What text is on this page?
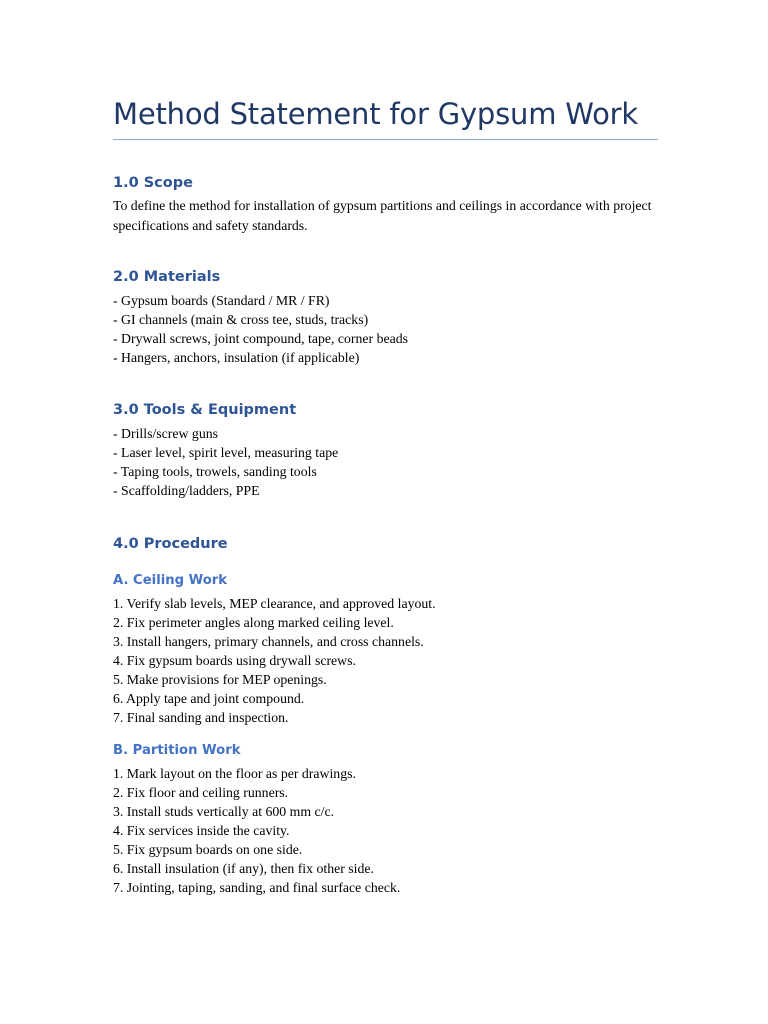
Method Statement for Gypsum Work
1.0 Scope
To define the method for installation of gypsum partitions and ceilings in accordance with project specifications and safety standards.
2.0 Materials
- Gypsum boards (Standard / MR / FR)
- GI channels (main & cross tee, studs, tracks)
- Drywall screws, joint compound, tape, corner beads
- Hangers, anchors, insulation (if applicable)
3.0 Tools & Equipment
- Drills/screw guns
- Laser level, spirit level, measuring tape
- Taping tools, trowels, sanding tools
- Scaffolding/ladders, PPE
4.0 Procedure
A. Ceiling Work
1. Verify slab levels, MEP clearance, and approved layout.
2. Fix perimeter angles along marked ceiling level.
3. Install hangers, primary channels, and cross channels.
4. Fix gypsum boards using drywall screws.
5. Make provisions for MEP openings.
6. Apply tape and joint compound.
7. Final sanding and inspection.
B. Partition Work
1. Mark layout on the floor as per drawings.
2. Fix floor and ceiling runners.
3. Install studs vertically at 600 mm c/c.
4. Fix services inside the cavity.
5. Fix gypsum boards on one side.
6. Install insulation (if any), then fix other side.
7. Jointing, taping, sanding, and final surface check.
